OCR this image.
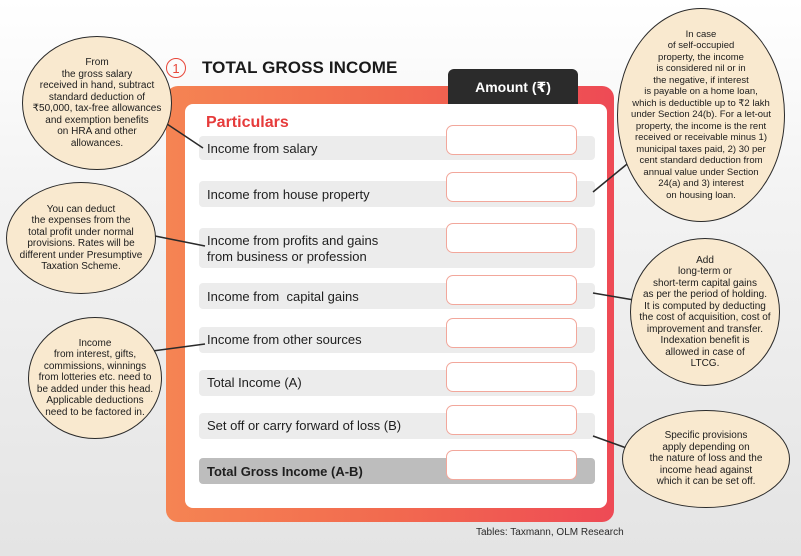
1	TOTAL GROSS INCOME
Amount (₹)
Particulars
Income from salary
Income from house property
Income from profits and gains
from business or profession
Income from  capital gains
Income from other sources
Total Income (A)
Set off or carry forward of loss (B)
Total Gross Income (A-B)
From
the gross salary
received in hand, subtract
standard deduction of
₹50,000, tax-free allowances
and exemption benefits
on HRA and other
allowances.
You can deduct
the expenses from the
total profit under normal
provisions. Rates will be
different under Presumptive
Taxation Scheme.
Income
from interest, gifts,
commissions, winnings
from lotteries etc. need to
be added under this head.
Applicable deductions
need to be factored in.
In case
of self-occupied
property, the income
is considered nil or in
the negative, if interest
is payable on a home loan,
which is deductible up to ₹2 lakh
under Section 24(b). For a let-out
property, the income is the rent
received or receivable minus 1)
municipal taxes paid, 2) 30 per
cent standard deduction from
annual value under Section
24(a) and 3) interest
on housing loan.
Add
long-term or
short-term capital gains
as per the period of holding.
It is computed by deducting
the cost of acquisition, cost of
improvement and transfer.
Indexation benefit is
allowed in case of
LTCG.
Specific provisions
apply depending on
the nature of loss and the
income head against
which it can be set off.
Tables: Taxmann, OLM Research
